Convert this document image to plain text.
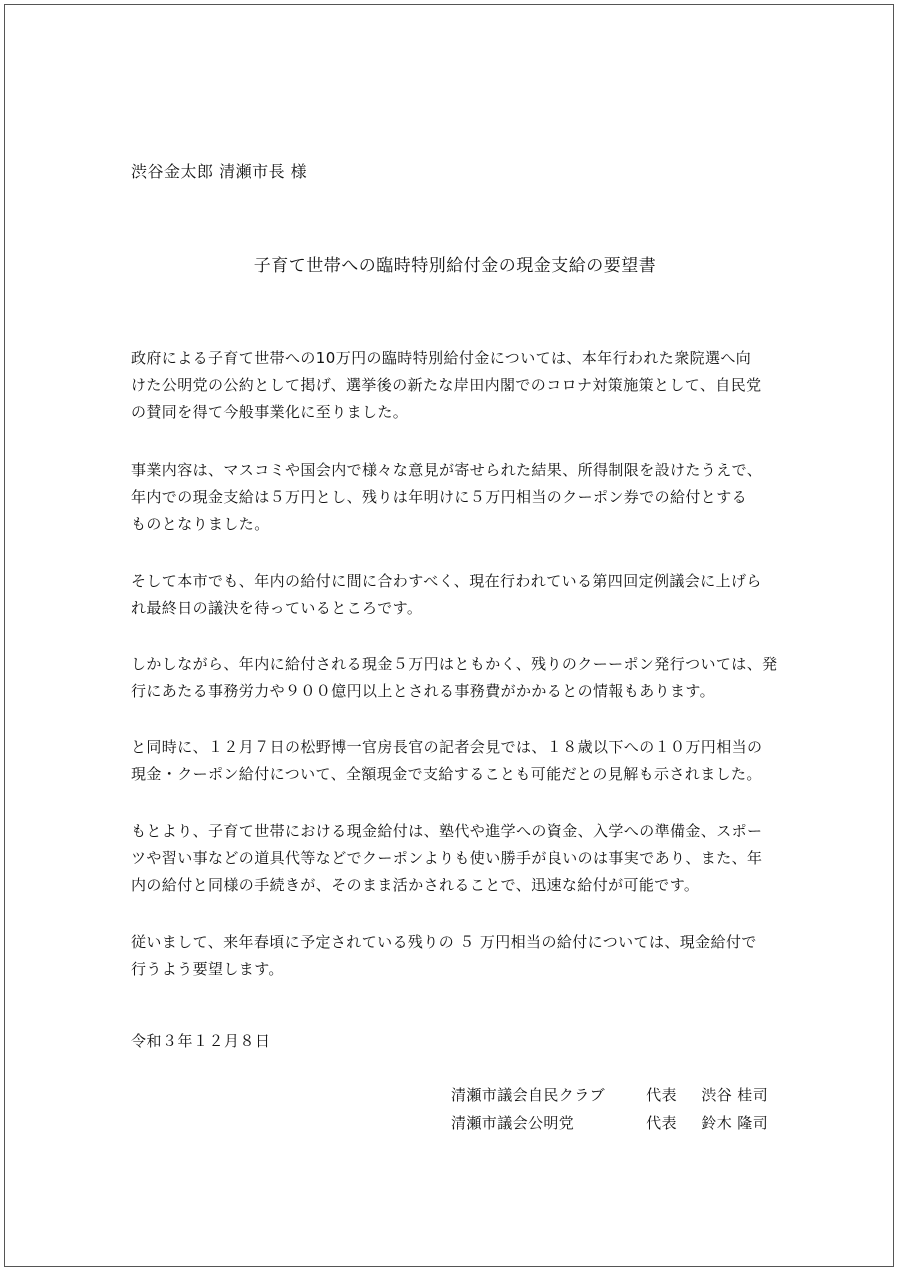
渋谷金太郎 清瀬市長 様
子育て世帯への臨時特別給付金の現金支給の要望書
政府による子育て世帯への10万円の臨時特別給付金については、本年行われた衆院選へ向
けた公明党の公約として掲げ、選挙後の新たな岸田内閣でのコロナ対策施策として、自民党
の賛同を得て今般事業化に至りました。
事業内容は、マスコミや国会内で様々な意見が寄せられた結果、所得制限を設けたうえで、
年内での現金支給は５万円とし、残りは年明けに５万円相当のクーポン券での給付とする
ものとなりました。
そして本市でも、年内の給付に間に合わすべく、現在行われている第四回定例議会に上げら
れ最終日の議決を待っているところです。
しかしながら、年内に給付される現金５万円はともかく、残りのクーーポン発行ついては、発
行にあたる事務労力や９００億円以上とされる事務費がかかるとの情報もあります。
と同時に、１２月７日の松野博一官房長官の記者会見では、１８歳以下への１０万円相当の
現金・クーポン給付について、全額現金で支給することも可能だとの見解も示されました。
もとより、子育て世帯における現金給付は、塾代や進学への資金、入学への準備金、スポー
ツや習い事などの道具代等などでクーポンよりも使い勝手が良いのは事実であり、また、年
内の給付と同様の手続きが、そのまま活かされることで、迅速な給付が可能です。
従いまして、来年春頃に予定されている残りの ５ 万円相当の給付については、現金給付で
行うよう要望します。
令和３年１２月８日
清瀬市議会自民クラブ	代表 渋谷 桂司
清瀬市議会公明党	代表 鈴木 隆司
